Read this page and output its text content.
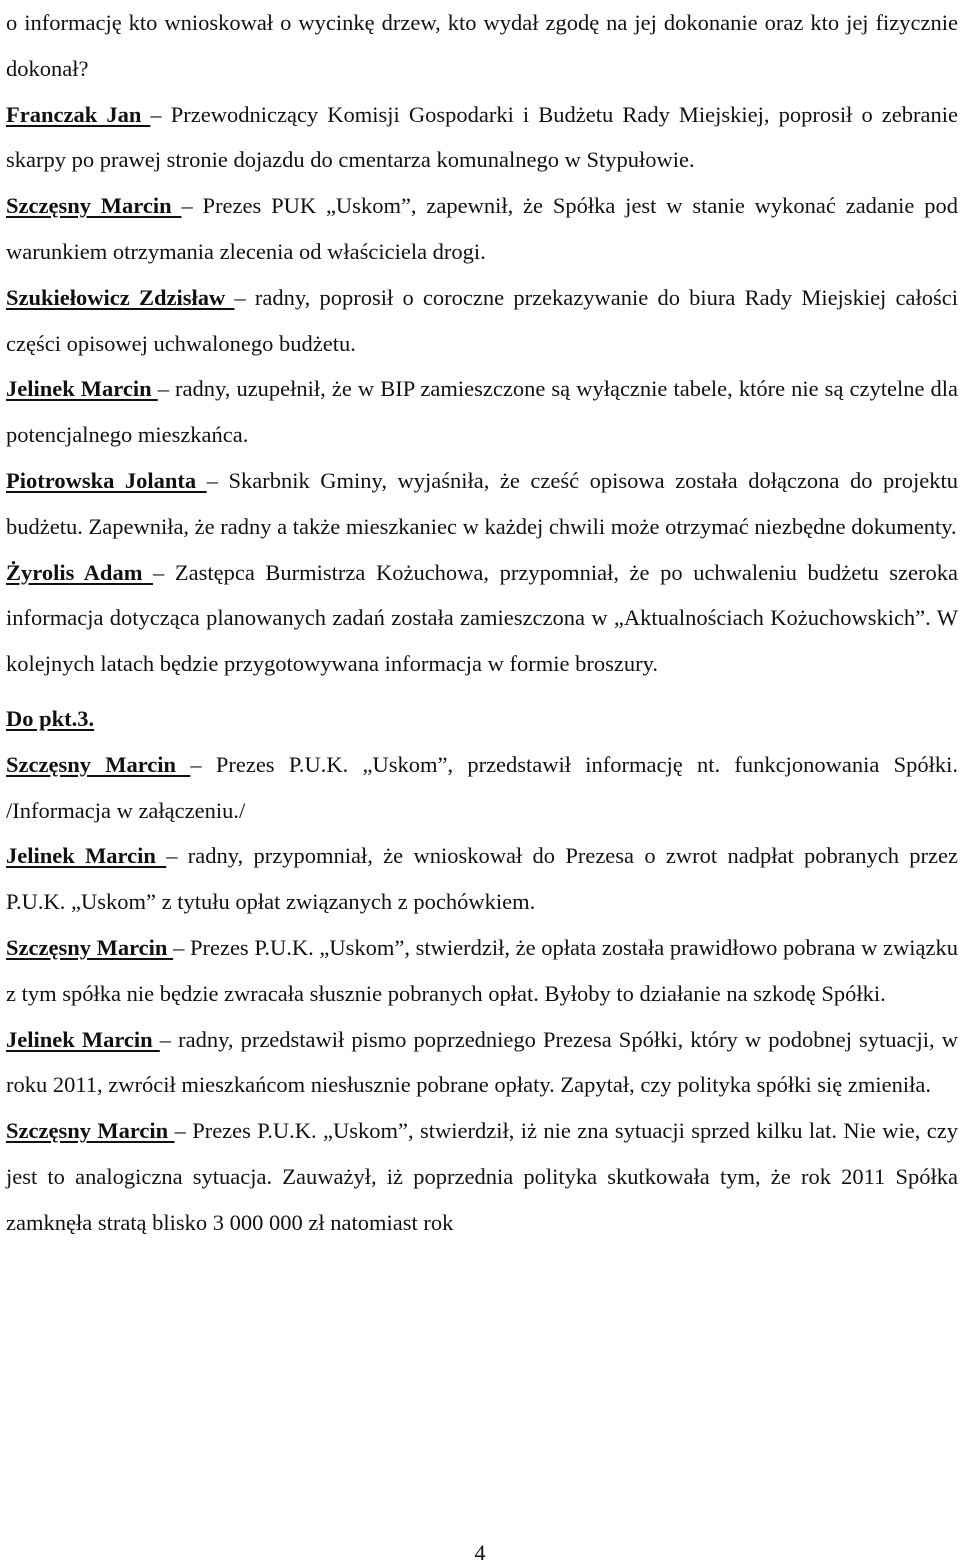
o informację kto wnioskował o wycinkę drzew, kto wydał zgodę na jej dokonanie oraz kto jej fizycznie dokonał?

Franczak Jan – Przewodniczący Komisji Gospodarki i Budżetu Rady Miejskiej, poprosił o zebranie skarpy po prawej stronie dojazdu do cmentarza komunalnego w Stypułowie.

Szczęsny Marcin – Prezes PUK „Uskom”, zapewnił, że Spółka jest w stanie wykonać zadanie pod warunkiem otrzymania zlecenia od właściciela drogi.

Szukiełowicz Zdzisław – radny, poprosił o coroczne przekazywanie do biura Rady Miejskiej całości części opisowej uchwalonego budżetu.

Jelinek Marcin – radny, uzupełnił, że w BIP zamieszczone są wyłącznie tabele, które nie są czytelne dla potencjalnego mieszkańca.

Piotrowska Jolanta – Skarbnik Gminy, wyjaśniła, że cześć opisowa została dołączona do projektu budżetu. Zapewniła, że radny a także mieszkaniec w każdej chwili może otrzymać niezbędne dokumenty.

Żyrolis Adam – Zastępca Burmistrza Kożuchowa, przypomniał, że po uchwaleniu budżetu szeroka informacja dotycząca planowanych zadań została zamieszczona w „Aktualnościach Kożuchowskich”. W kolejnych latach będzie przygotowywana informacja w formie broszury.

Do pkt.3.

Szczęsny Marcin – Prezes P.U.K. „Uskom”, przedstawił informację nt. funkcjonowania Spółki. /Informacja w załączeniu./

Jelinek Marcin – radny, przypomniał, że wnioskował do Prezesa o zwrot nadpłat pobranych przez P.U.K. „Uskom” z tytułu opłat związanych z pochówkiem.

Szczęsny Marcin – Prezes P.U.K. „Uskom”, stwierdził, że opłata została prawidłowo pobrana w związku z tym spółka nie będzie zwracała słusznie pobranych opłat. Byłoby to działanie na szkodę Spółki.

Jelinek Marcin – radny, przedstawił pismo poprzedniego Prezesa Spółki, który w podobnej sytuacji, w roku 2011, zwrócił mieszkańcom niesłusznie pobrane opłaty. Zapytał, czy polityka spółki się zmieniła.

Szczęsny Marcin – Prezes P.U.K. „Uskom”, stwierdził, iż nie zna sytuacji sprzed kilku lat. Nie wie, czy jest to analogiczna sytuacja. Zauważył, iż poprzednia polityka skutkowała tym, że rok 2011 Spółka zamknęła stratą blisko 3 000 000 zł natomiast rok

4
